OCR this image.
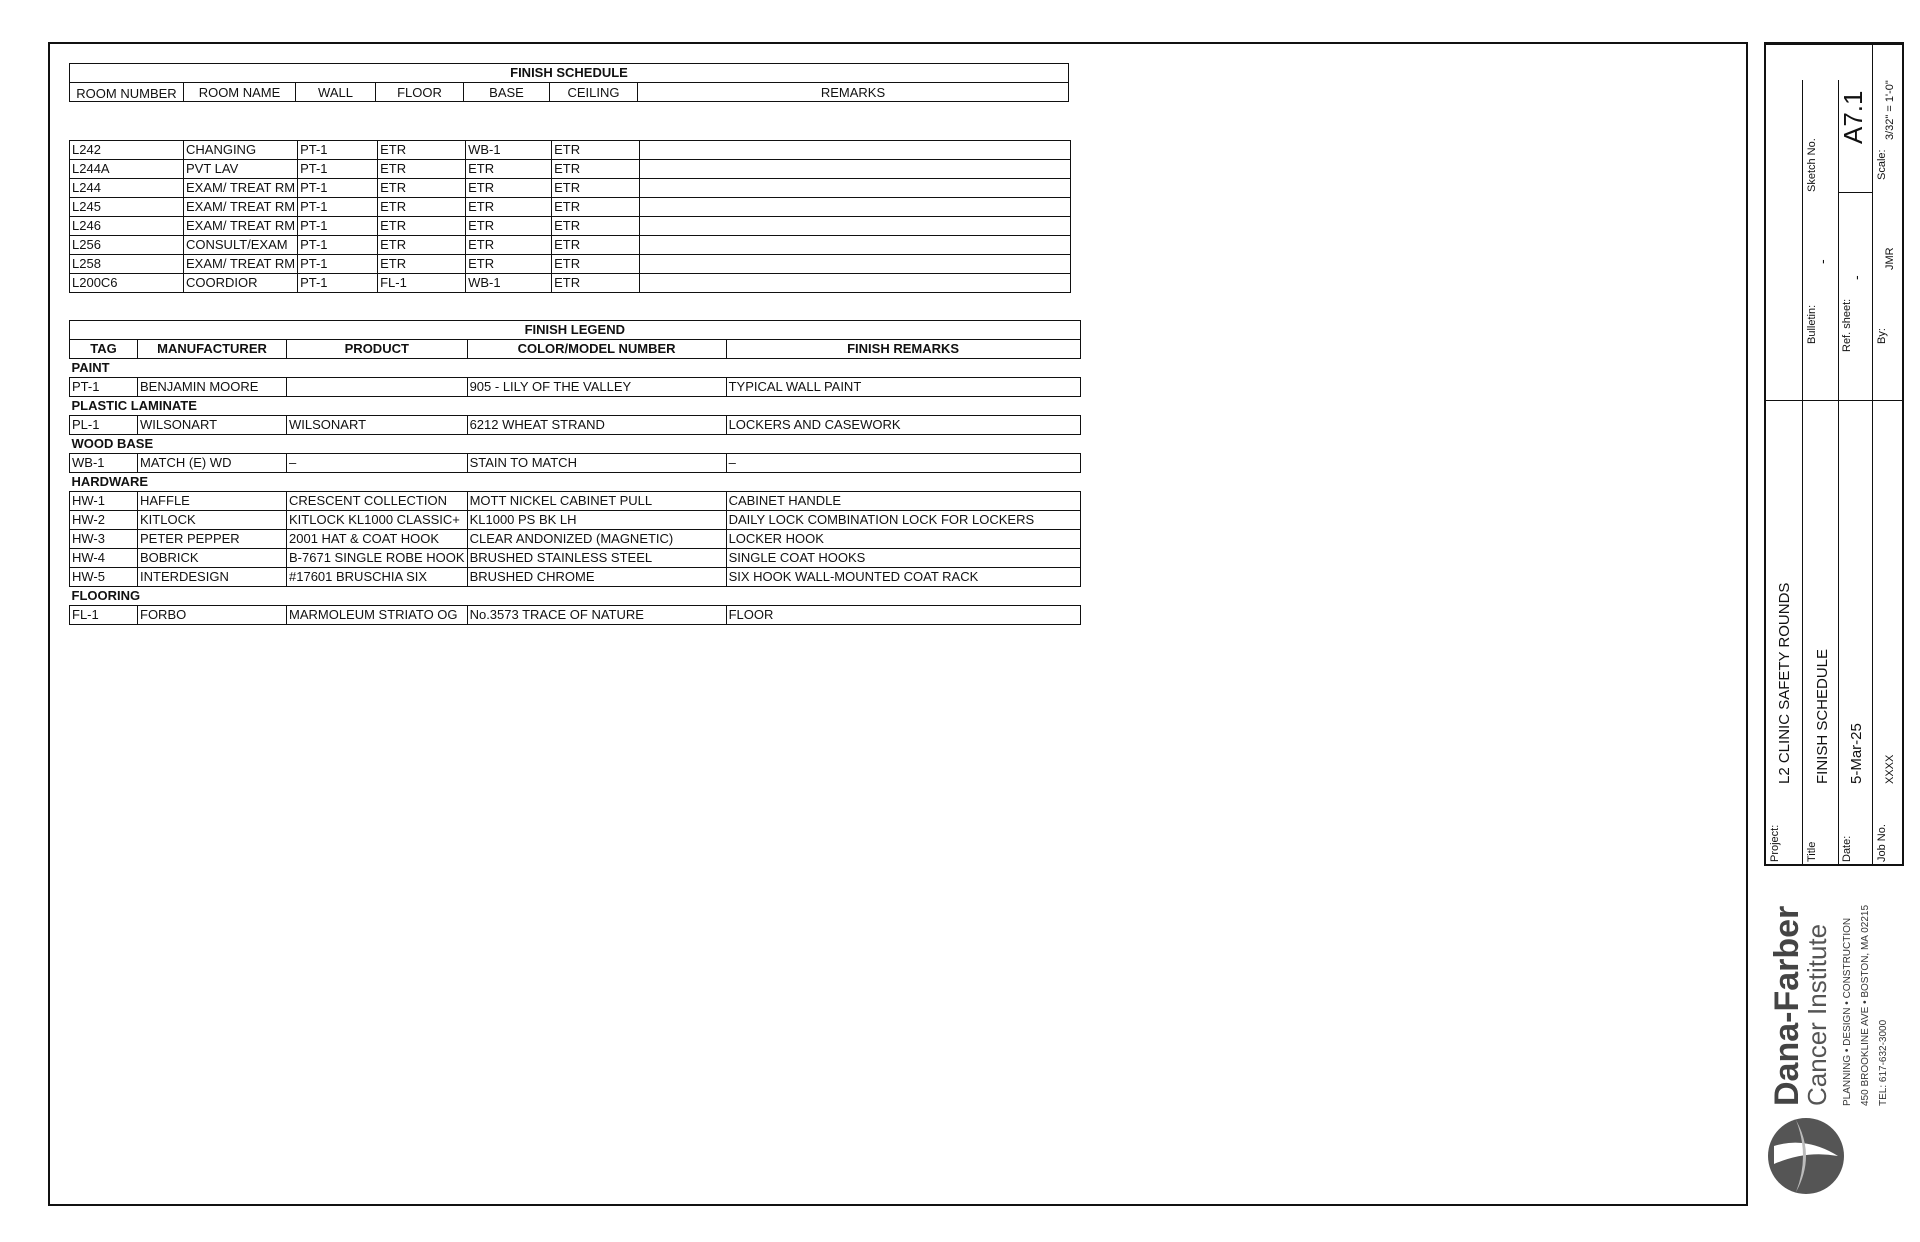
FINISH SCHEDULE
ROOM NUMBER	ROOM NAME	WALL	FLOOR	BASE	CEILING	REMARKS
L242	CHANGING	PT-1	ETR	WB-1	ETR	
L244A	PVT LAV	PT-1	ETR	ETR	ETR	
L244	EXAM/ TREAT RM	PT-1	ETR	ETR	ETR	
L245	EXAM/ TREAT RM	PT-1	ETR	ETR	ETR	
L246	EXAM/ TREAT RM	PT-1	ETR	ETR	ETR	
L256	CONSULT/EXAM	PT-1	ETR	ETR	ETR	
L258	EXAM/ TREAT RM	PT-1	ETR	ETR	ETR	
L200C6	COORDIOR	PT-1	FL-1	WB-1	ETR	
FINISH LEGEND				
TAG	MANUFACTURER	PRODUCT	COLOR/MODEL NUMBER	FINISH REMARKS
PAINT				
PT-1	BENJAMIN MOORE		905 - LILY OF THE VALLEY	TYPICAL WALL PAINT
PLASTIC LAMINATE				
PL-1	WILSONART	WILSONART	6212 WHEAT STRAND	LOCKERS AND CASEWORK
WOOD BASE				
WB-1	MATCH (E) WD	–	STAIN TO MATCH	–
HARDWARE				
HW-1	HAFFLE	CRESCENT COLLECTION	MOTT NICKEL CABINET PULL	CABINET HANDLE
HW-2	KITLOCK	KITLOCK KL1000 CLASSIC+	KL1000 PS BK LH	DAILY LOCK COMBINATION LOCK FOR LOCKERS
HW-3	PETER PEPPER	2001 HAT & COAT HOOK	CLEAR ANDONIZED (MAGNETIC)	LOCKER HOOK
HW-4	BOBRICK	B-7671 SINGLE ROBE HOOK	BRUSHED STAINLESS STEEL	SINGLE COAT HOOKS
HW-5	INTERDESIGN	#17601 BRUSCHIA SIX	BRUSHED CHROME	SIX HOOK WALL-MOUNTED COAT RACK
FLOORING				
FL-1	FORBO	MARMOLEUM STRIATO OG	No.3573 TRACE OF NATURE	FLOOR
Project:
L2 CLINIC SAFETY ROUNDS
Title
FINISH SCHEDULE
Bulletin:
-
Sketch No.
Date:
5-Mar-25
Ref. sheet:
-
A7.1
Job No.
XXXX
By:
JMR
Scale:
3/32" = 1'-0"
Dana-Farber
Cancer Institute PLANNING • DESIGN • CONSTRUCTION 450 BROOKLINE AVE • BOSTON, MA 02215 TEL: 617-632-3000
